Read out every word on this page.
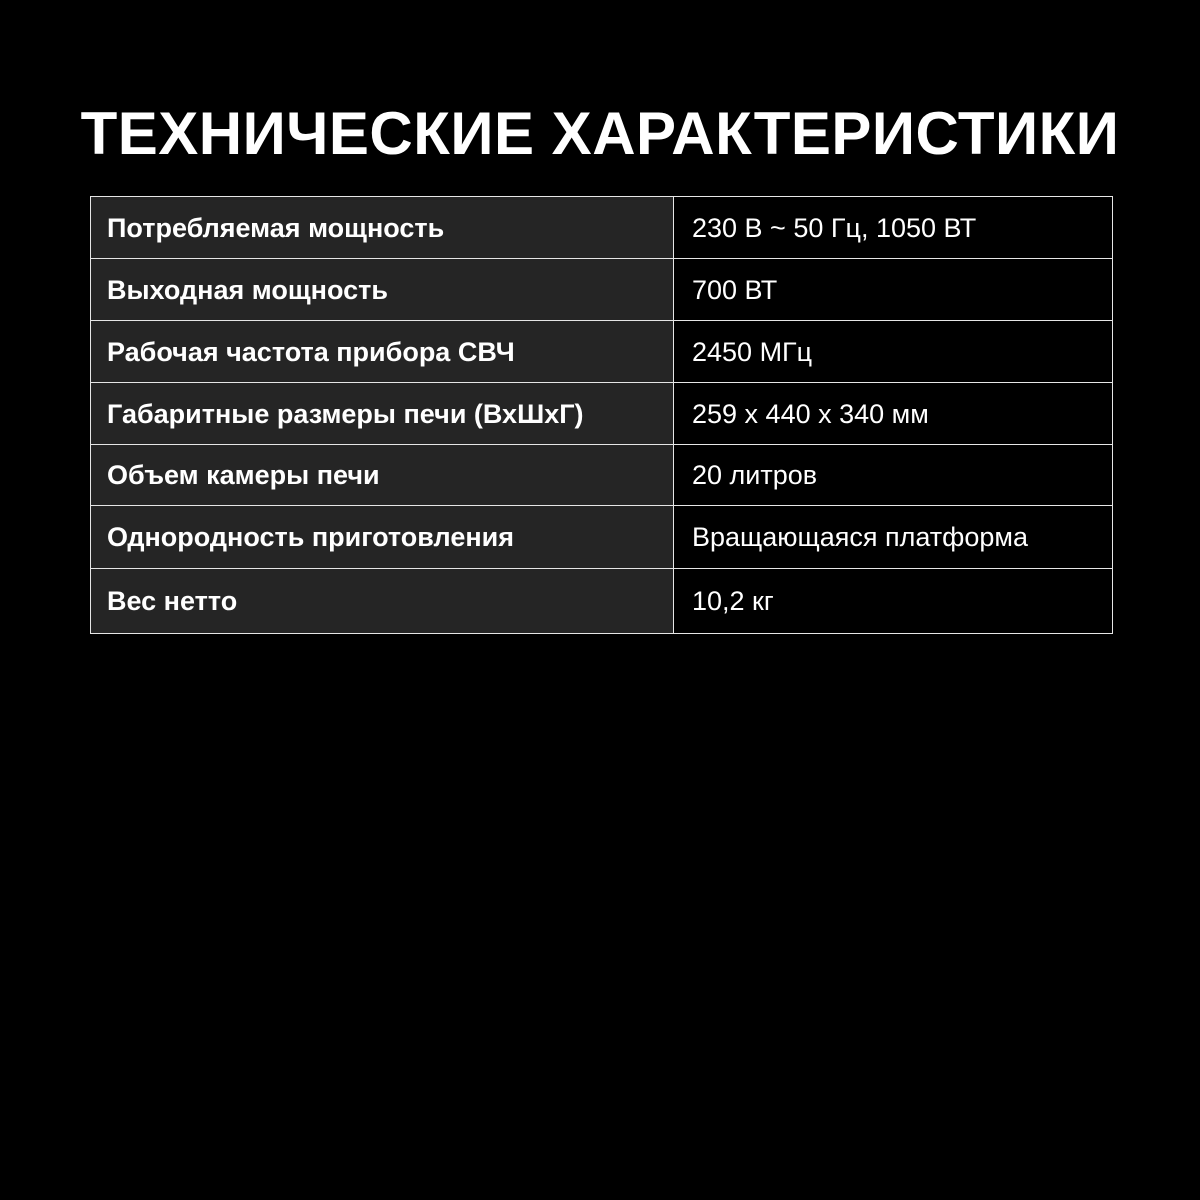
ТЕХНИЧЕСКИЕ ХАРАКТЕРИСТИКИ
Потребляемая мощность	230 В ~ 50 Гц, 1050 ВТ
Выходная мощность	700 ВТ
Рабочая частота прибора СВЧ	2450 МГц
Габаритные размеры печи (ВхШхГ)	259 х 440 х 340 мм
Объем камеры печи	20 литров
Однородность приготовления	Вращающаяся платформа
Вес нетто	10,2 кг
